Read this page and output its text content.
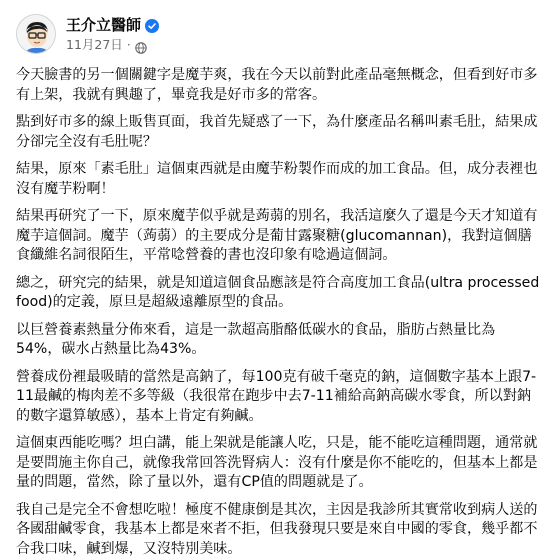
王介立醫師
11月27日 ·

今天臉書的另一個關鍵字是魔芋爽，我在今天以前對此產品毫無概念，但看到好市多有上架，我就有興趣了，畢竟我是好市多的常客。

點到好市多的線上販售頁面，我首先疑惑了一下，為什麼產品名稱叫素毛肚，結果成分卻完全沒有毛肚呢？

結果，原來「素毛肚」這個東西就是由魔芋粉製作而成的加工食品。但，成分表裡也沒有魔芋粉啊！

結果再研究了一下，原來魔芋似乎就是蒟蒻的別名，我活這麼久了還是今天才知道有魔芋這個詞。魔芋（蒟蒻）的主要成分是葡甘露聚糖(glucomannan)，我對這個膳食纖維名詞很陌生，平常唸營養的書也沒印象有唸過這個詞。

總之，研究完的結果，就是知道這個食品應該是符合高度加工食品(ultra processed food)的定義，原旦是超級遠離原型的食品。

以巨營養素熱量分佈來看，這是一款超高脂酪低碳水的食品，脂肪占熱量比為54%，碳水占熱量比為43%。

營養成份裡最吸睛的當然是高鈉了，每100克有破千毫克的鈉，這個數字基本上跟7-11最鹹的梅肉差不多等級（我很常在跑步中去7-11補給高鈉高碳水零食，所以對鈉的數字還算敏感），基本上肯定有夠鹹。

這個東西能吃嗎？坦白講，能上架就是能讓人吃，只是，能不能吃這種問題，通常就是要問施主你自己，就像我常回答洗腎病人：沒有什麼是你不能吃的，但基本上都是量的問題，當然，除了量以外，還有CP值的問題就是了。

我自己是完全不會想吃啦！極度不健康倒是其次，主因是我診所其實常收到病人送的各國甜鹹零食，我基本上都是來者不拒，但我發現只要是來自中國的零食，幾乎都不合我口味，鹹到爆，又沒特別美味。
